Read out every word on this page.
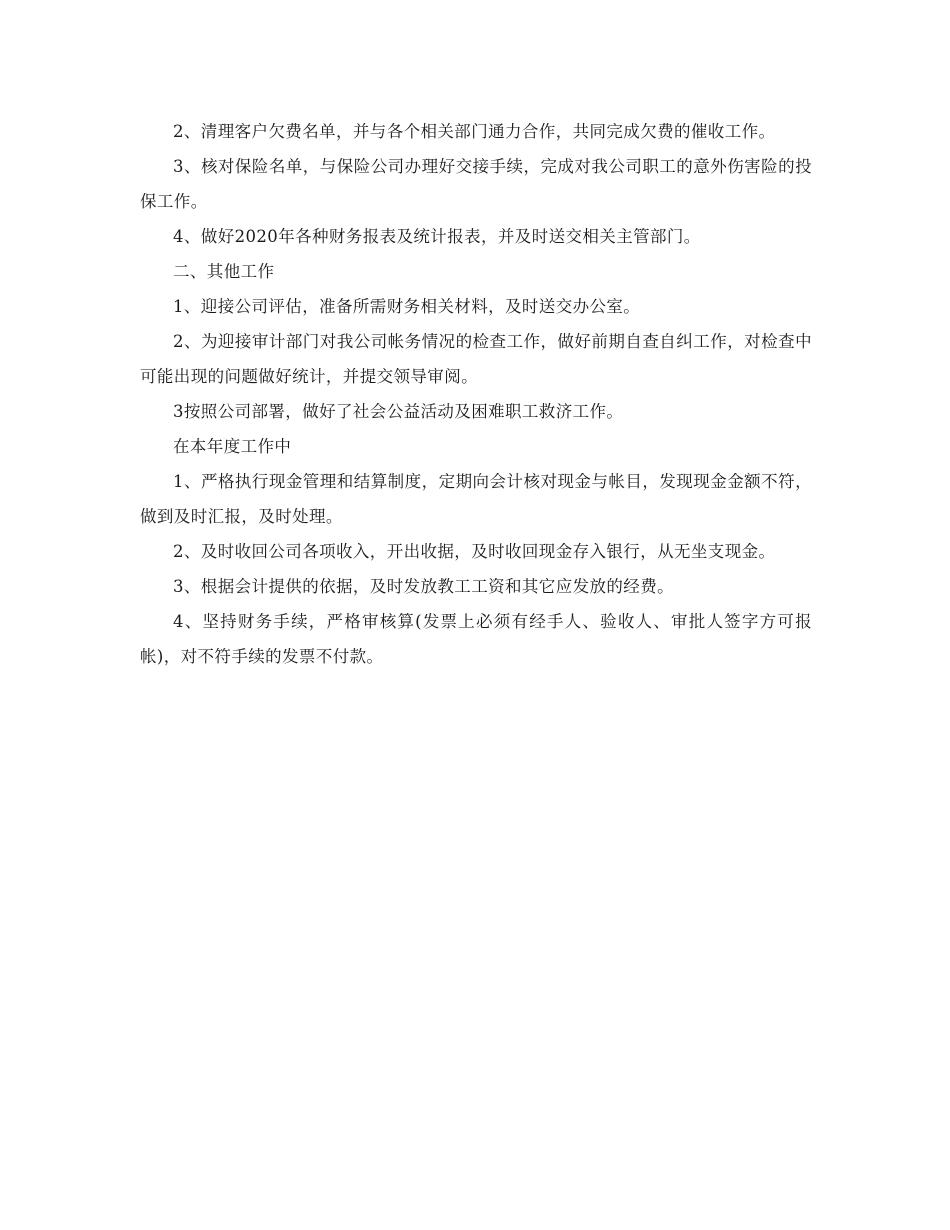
2、清理客户欠费名单，并与各个相关部门通力合作，共同完成欠费的催收工作。

3、核对保险名单，与保险公司办理好交接手续，完成对我公司职工的意外伤害险的投保工作。

4、做好2020年各种财务报表及统计报表，并及时送交相关主管部门。

二、其他工作

1、迎接公司评估，准备所需财务相关材料，及时送交办公室。

2、为迎接审计部门对我公司帐务情况的检查工作，做好前期自查自纠工作，对检查中可能出现的问题做好统计，并提交领导审阅。

3按照公司部署，做好了社会公益活动及困难职工救济工作。

在本年度工作中

1、严格执行现金管理和结算制度，定期向会计核对现金与帐目，发现现金金额不符，做到及时汇报，及时处理。

2、及时收回公司各项收入，开出收据，及时收回现金存入银行，从无坐支现金。

3、根据会计提供的依据，及时发放教工工资和其它应发放的经费。

4、坚持财务手续，严格审核算(发票上必须有经手人、验收人、审批人签字方可报帐)，对不符手续的发票不付款。
